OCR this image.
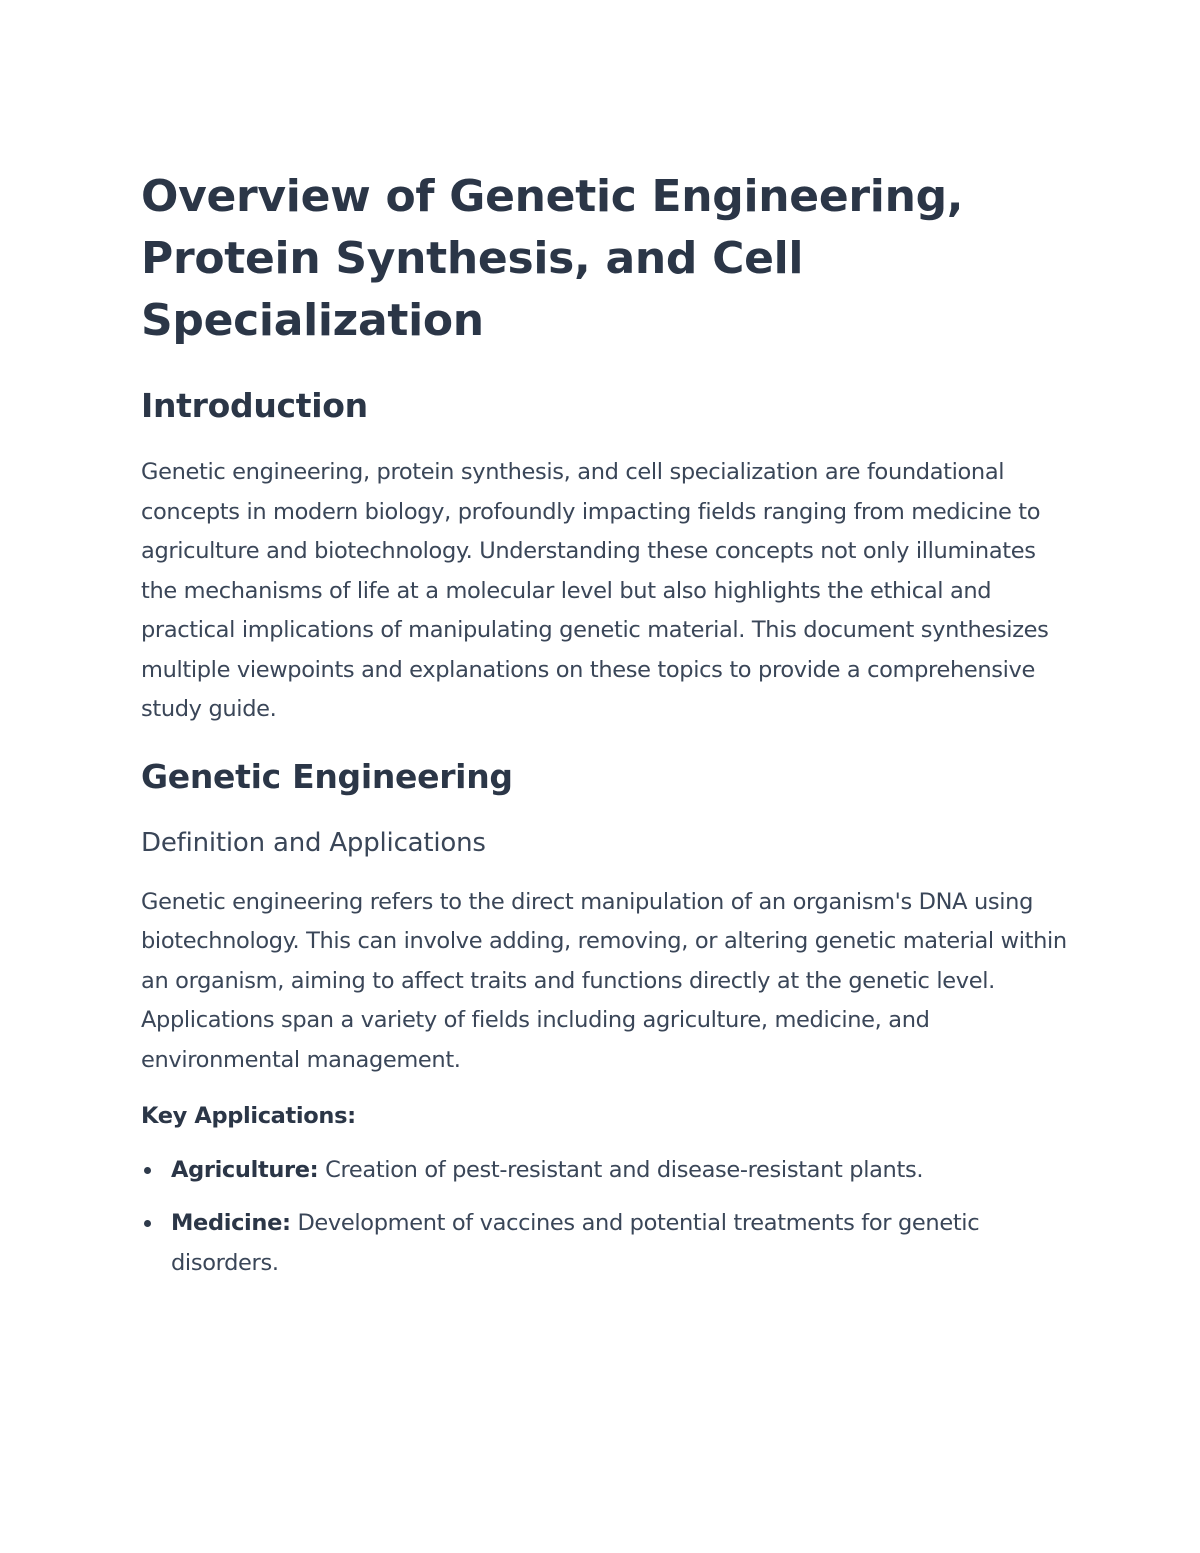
Overview of Genetic Engineering, Protein Synthesis, and Cell Specialization
Introduction

Genetic engineering, protein synthesis, and cell specialization are foundational concepts in modern biology, profoundly impacting fields ranging from medicine to agriculture and biotechnology. Understanding these concepts not only illuminates the mechanisms of life at a molecular level but also highlights the ethical and practical implications of manipulating genetic material. This document synthesizes multiple viewpoints and explanations on these topics to provide a comprehensive study guide.

Genetic Engineering
Definition and Applications

Genetic engineering refers to the direct manipulation of an organism's DNA using biotechnology. This can involve adding, removing, or altering genetic material within an organism, aiming to affect traits and functions directly at the genetic level. Applications span a variety of fields including agriculture, medicine, and environmental management.

Key Applications:

Agriculture: Creation of pest-resistant and disease-resistant plants.
Medicine: Development of vaccines and potential treatments for genetic disorders.
